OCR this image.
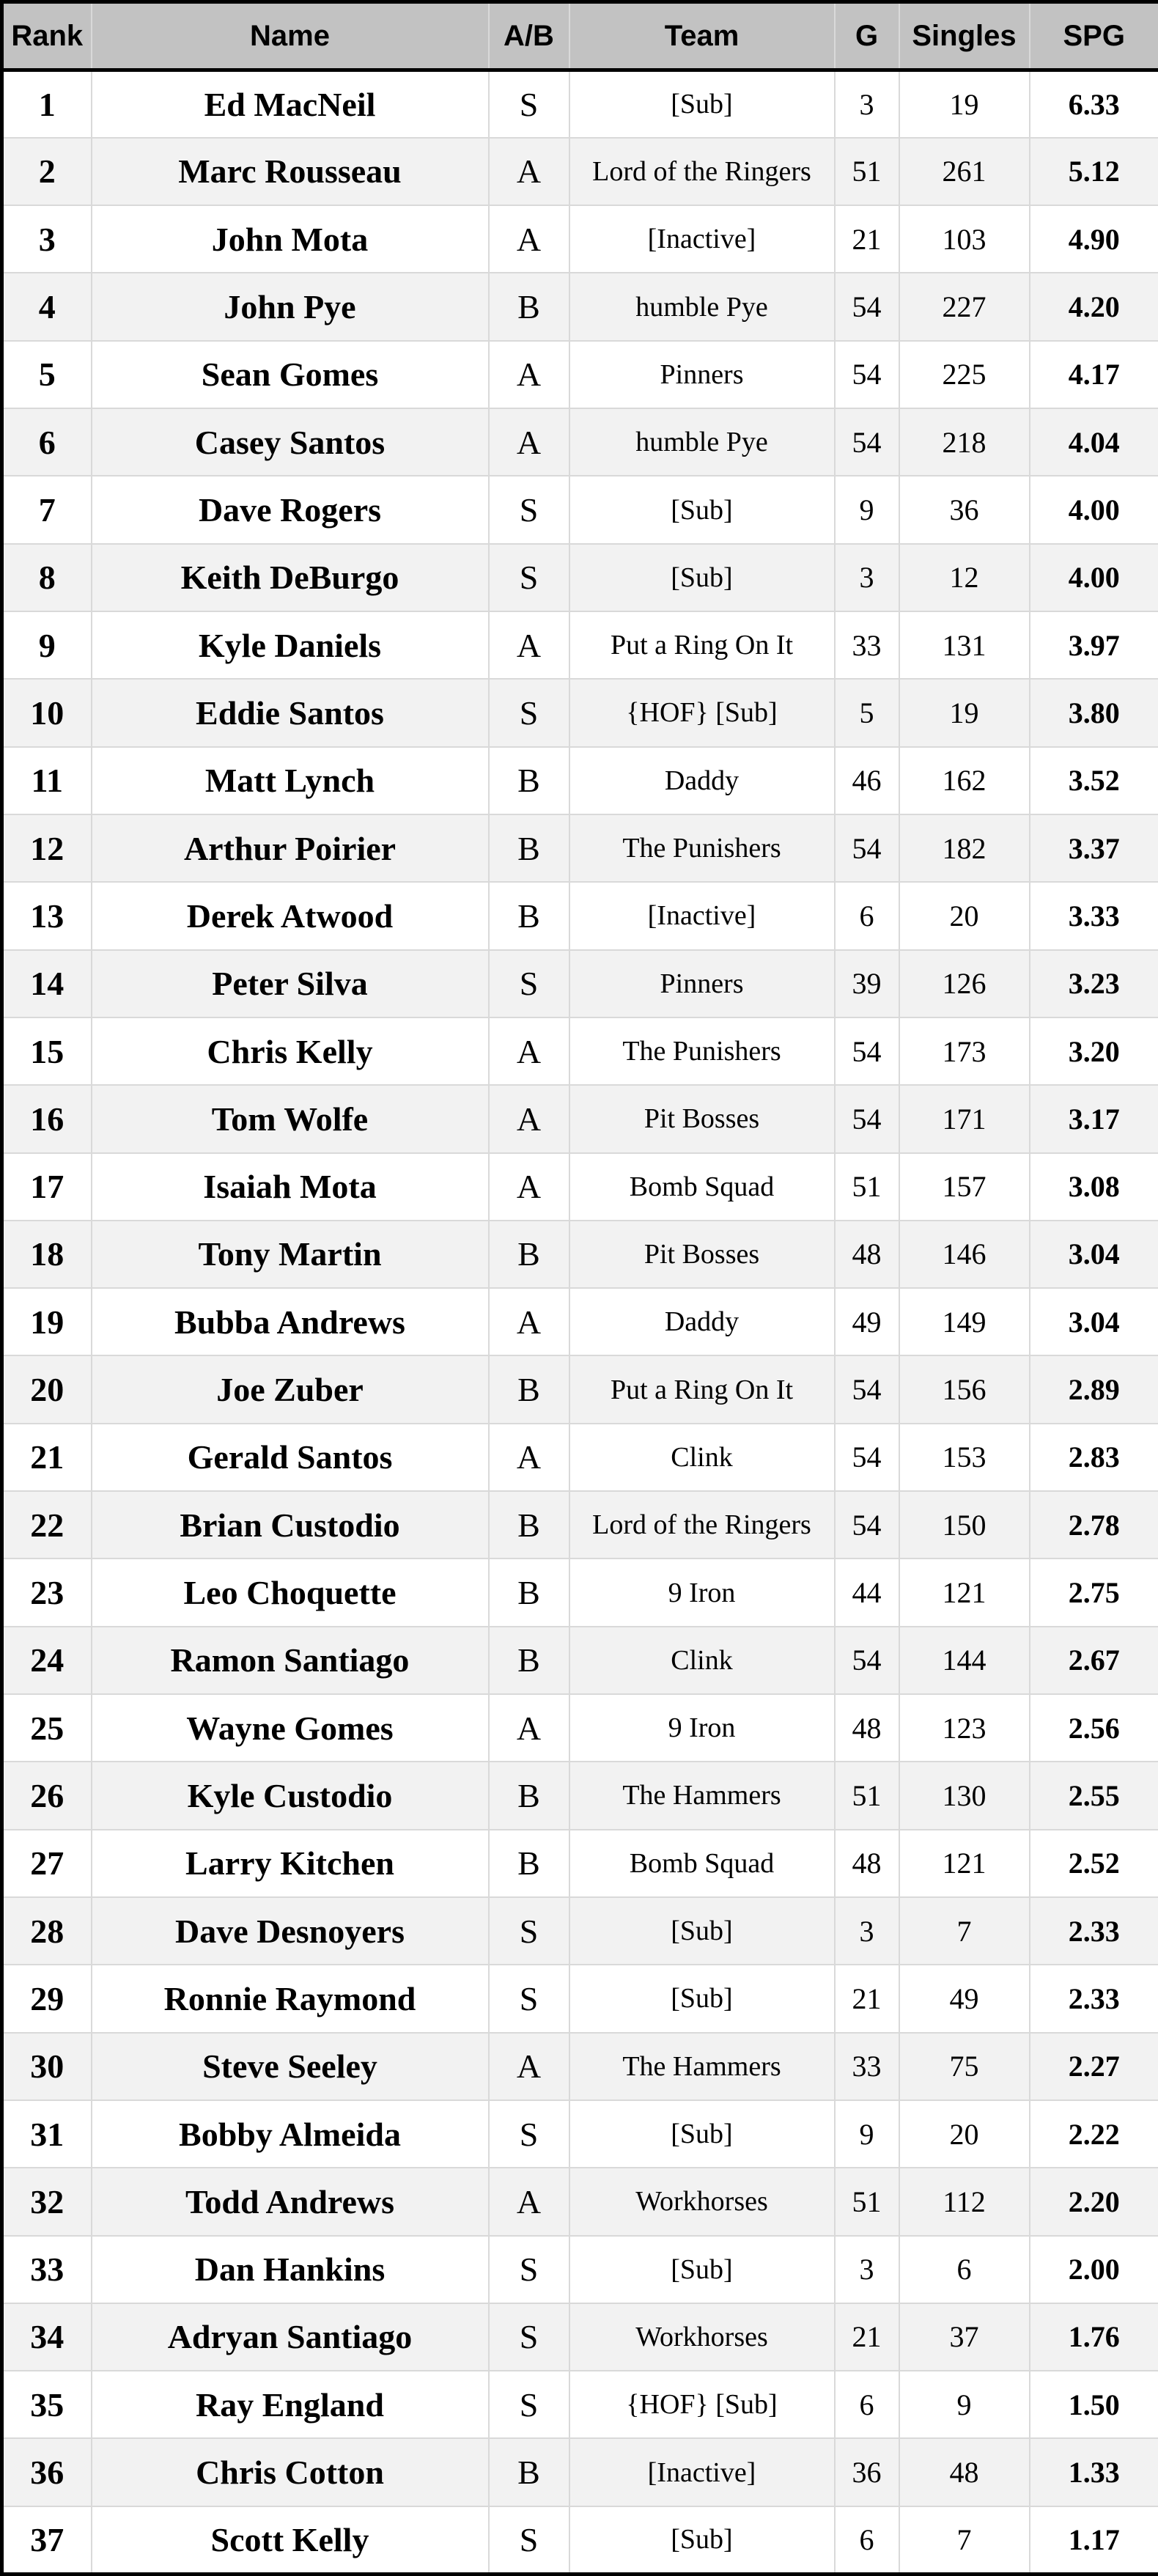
Rank	Name	A/B	Team	G	Singles	SPG
1	Ed MacNeil	S	[Sub]	3	19	6.33
2	Marc Rousseau	A	Lord of the Ringers	51	261	5.12
3	John Mota	A	[Inactive]	21	103	4.90
4	John Pye	B	humble Pye	54	227	4.20
5	Sean Gomes	A	Pinners	54	225	4.17
6	Casey Santos	A	humble Pye	54	218	4.04
7	Dave Rogers	S	[Sub]	9	36	4.00
8	Keith DeBurgo	S	[Sub]	3	12	4.00
9	Kyle Daniels	A	Put a Ring On It	33	131	3.97
10	Eddie Santos	S	{HOF} [Sub]	5	19	3.80
11	Matt Lynch	B	Daddy	46	162	3.52
12	Arthur Poirier	B	The Punishers	54	182	3.37
13	Derek Atwood	B	[Inactive]	6	20	3.33
14	Peter Silva	S	Pinners	39	126	3.23
15	Chris Kelly	A	The Punishers	54	173	3.20
16	Tom Wolfe	A	Pit Bosses	54	171	3.17
17	Isaiah Mota	A	Bomb Squad	51	157	3.08
18	Tony Martin	B	Pit Bosses	48	146	3.04
19	Bubba Andrews	A	Daddy	49	149	3.04
20	Joe Zuber	B	Put a Ring On It	54	156	2.89
21	Gerald Santos	A	Clink	54	153	2.83
22	Brian Custodio	B	Lord of the Ringers	54	150	2.78
23	Leo Choquette	B	9 Iron	44	121	2.75
24	Ramon Santiago	B	Clink	54	144	2.67
25	Wayne Gomes	A	9 Iron	48	123	2.56
26	Kyle Custodio	B	The Hammers	51	130	2.55
27	Larry Kitchen	B	Bomb Squad	48	121	2.52
28	Dave Desnoyers	S	[Sub]	3	7	2.33
29	Ronnie Raymond	S	[Sub]	21	49	2.33
30	Steve Seeley	A	The Hammers	33	75	2.27
31	Bobby Almeida	S	[Sub]	9	20	2.22
32	Todd Andrews	A	Workhorses	51	112	2.20
33	Dan Hankins	S	[Sub]	3	6	2.00
34	Adryan Santiago	S	Workhorses	21	37	1.76
35	Ray England	S	{HOF} [Sub]	6	9	1.50
36	Chris Cotton	B	[Inactive]	36	48	1.33
37	Scott Kelly	S	[Sub]	6	7	1.17
